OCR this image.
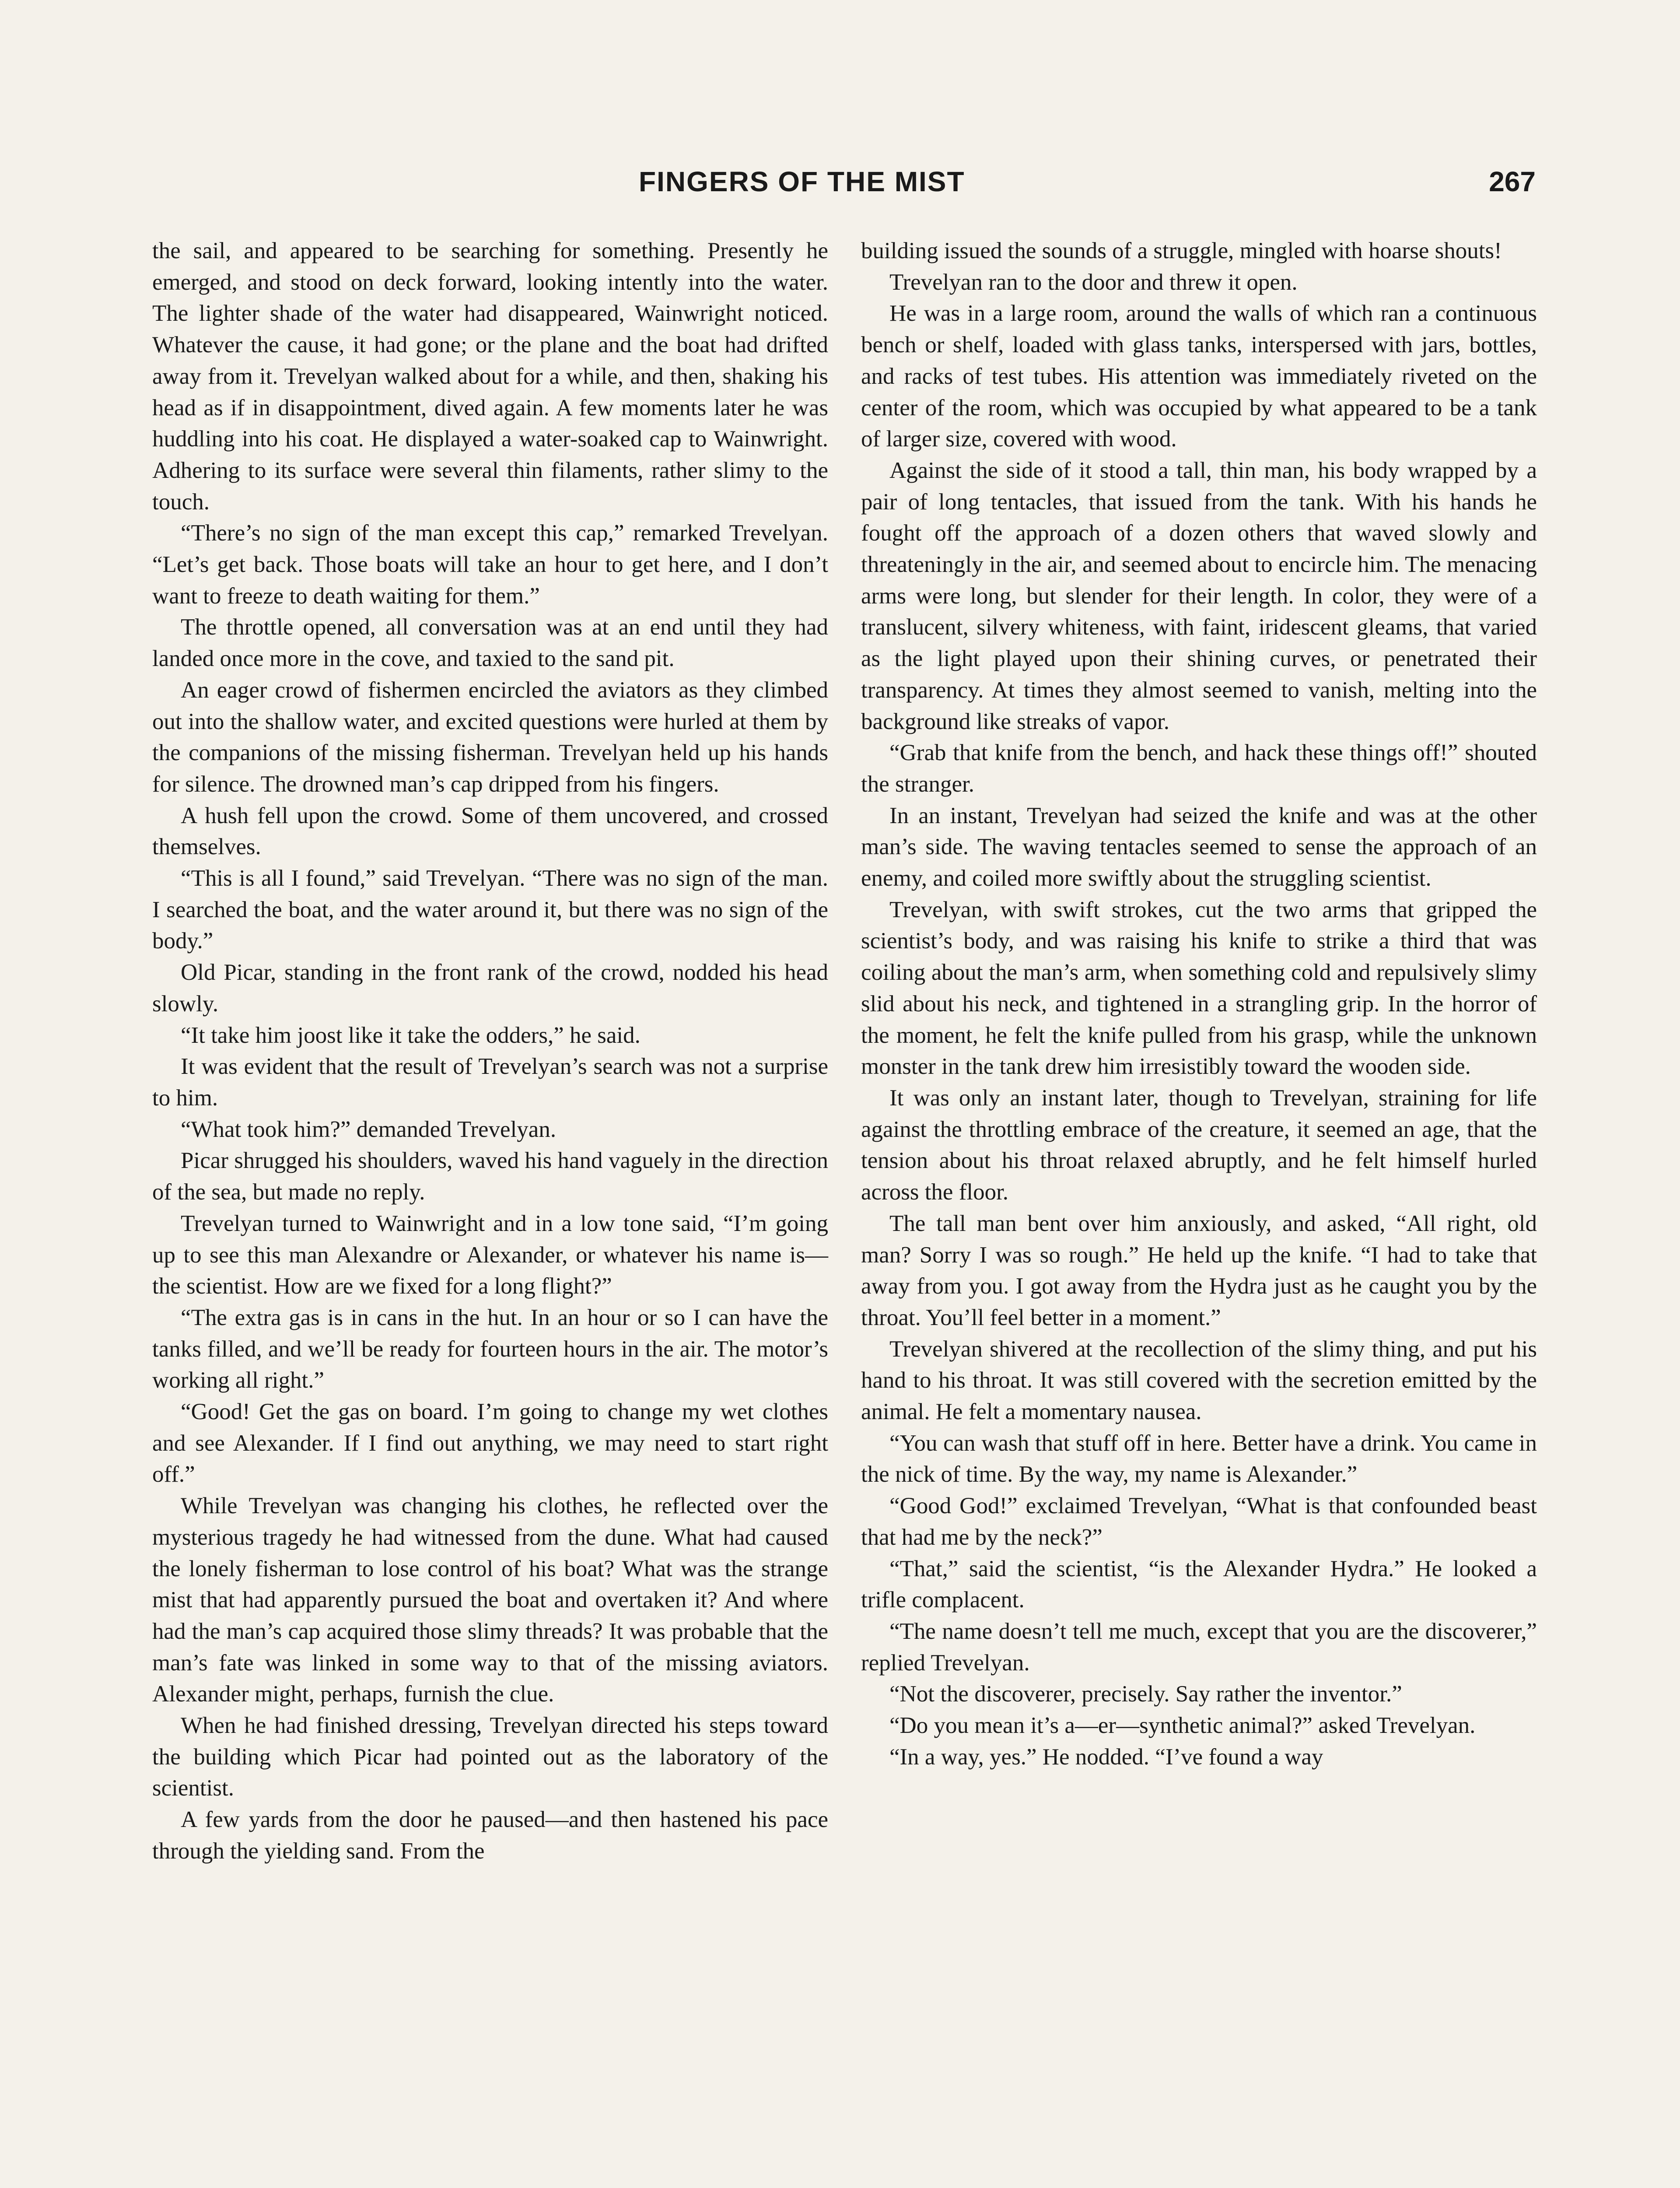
FINGERS OF THE MIST	267

the sail, and appeared to be searching for something. Presently he emerged, and stood on deck forward, looking intently into the water. The lighter shade of the water had disappeared, Wainwright noticed. Whatever the cause, it had gone; or the plane and the boat had drifted away from it. Trevelyan walked about for a while, and then, shaking his head as if in disappointment, dived again. A few moments later he was huddling into his coat. He displayed a water-soaked cap to Wainwright. Adhering to its surface were several thin filaments, rather slimy to the touch.

“There’s no sign of the man except this cap,” remarked Trevelyan. “Let’s get back. Those boats will take an hour to get here, and I don’t want to freeze to death waiting for them.”

The throttle opened, all conversation was at an end until they had landed once more in the cove, and taxied to the sand pit.

An eager crowd of fishermen encircled the aviators as they climbed out into the shallow water, and excited questions were hurled at them by the companions of the missing fisherman. Trevelyan held up his hands for silence. The drowned man’s cap dripped from his fingers.

A hush fell upon the crowd. Some of them uncovered, and crossed themselves.

“This is all I found,” said Trevelyan. “There was no sign of the man. I searched the boat, and the water around it, but there was no sign of the body.”

Old Picar, standing in the front rank of the crowd, nodded his head slowly.

“It take him joost like it take the odders,” he said.

It was evident that the result of Trevelyan’s search was not a surprise to him.

“What took him?” demanded Trevelyan.

Picar shrugged his shoulders, waved his hand vaguely in the direction of the sea, but made no reply.

Trevelyan turned to Wainwright and in a low tone said, “I’m going up to see this man Alexandre or Alexander, or whatever his name is—the scientist. How are we fixed for a long flight?”

“The extra gas is in cans in the hut. In an hour or so I can have the tanks filled, and we’ll be ready for fourteen hours in the air. The motor’s working all right.”

“Good! Get the gas on board. I’m going to change my wet clothes and see Alexander. If I find out anything, we may need to start right off.”

While Trevelyan was changing his clothes, he reflected over the mysterious tragedy he had witnessed from the dune. What had caused the lonely fisherman to lose control of his boat? What was the strange mist that had apparently pursued the boat and overtaken it? And where had the man’s cap acquired those slimy threads? It was probable that the man’s fate was linked in some way to that of the missing aviators. Alexander might, perhaps, furnish the clue.

When he had finished dressing, Trevelyan directed his steps toward the building which Picar had pointed out as the laboratory of the scientist.

A few yards from the door he paused—and then hastened his pace through the yielding sand. From the

building issued the sounds of a struggle, mingled with hoarse shouts!

Trevelyan ran to the door and threw it open.

He was in a large room, around the walls of which ran a continuous bench or shelf, loaded with glass tanks, interspersed with jars, bottles, and racks of test tubes. His attention was immediately riveted on the center of the room, which was occupied by what appeared to be a tank of larger size, covered with wood.

Against the side of it stood a tall, thin man, his body wrapped by a pair of long tentacles, that issued from the tank. With his hands he fought off the approach of a dozen others that waved slowly and threateningly in the air, and seemed about to encircle him. The menacing arms were long, but slender for their length. In color, they were of a translucent, silvery whiteness, with faint, iridescent gleams, that varied as the light played upon their shining curves, or penetrated their transparency. At times they almost seemed to vanish, melting into the background like streaks of vapor.

“Grab that knife from the bench, and hack these things off!” shouted the stranger.

In an instant, Trevelyan had seized the knife and was at the other man’s side. The waving tentacles seemed to sense the approach of an enemy, and coiled more swiftly about the struggling scientist.

Trevelyan, with swift strokes, cut the two arms that gripped the scientist’s body, and was raising his knife to strike a third that was coiling about the man’s arm, when something cold and repulsively slimy slid about his neck, and tightened in a strangling grip. In the horror of the moment, he felt the knife pulled from his grasp, while the unknown monster in the tank drew him irresistibly toward the wooden side.

It was only an instant later, though to Trevelyan, straining for life against the throttling embrace of the creature, it seemed an age, that the tension about his throat relaxed abruptly, and he felt himself hurled across the floor.

The tall man bent over him anxiously, and asked, “All right, old man? Sorry I was so rough.” He held up the knife. “I had to take that away from you. I got away from the Hydra just as he caught you by the throat. You’ll feel better in a moment.”

Trevelyan shivered at the recollection of the slimy thing, and put his hand to his throat. It was still covered with the secretion emitted by the animal. He felt a momentary nausea.

“You can wash that stuff off in here. Better have a drink. You came in the nick of time. By the way, my name is Alexander.”

“Good God!” exclaimed Trevelyan, “What is that confounded beast that had me by the neck?”

“That,” said the scientist, “is the Alexander Hydra.” He looked a trifle complacent.

“The name doesn’t tell me much, except that you are the discoverer,” replied Trevelyan.

“Not the discoverer, precisely. Say rather the inventor.”

“Do you mean it’s a—er—synthetic animal?” asked Trevelyan.

“In a way, yes.” He nodded. “I’ve found a way
